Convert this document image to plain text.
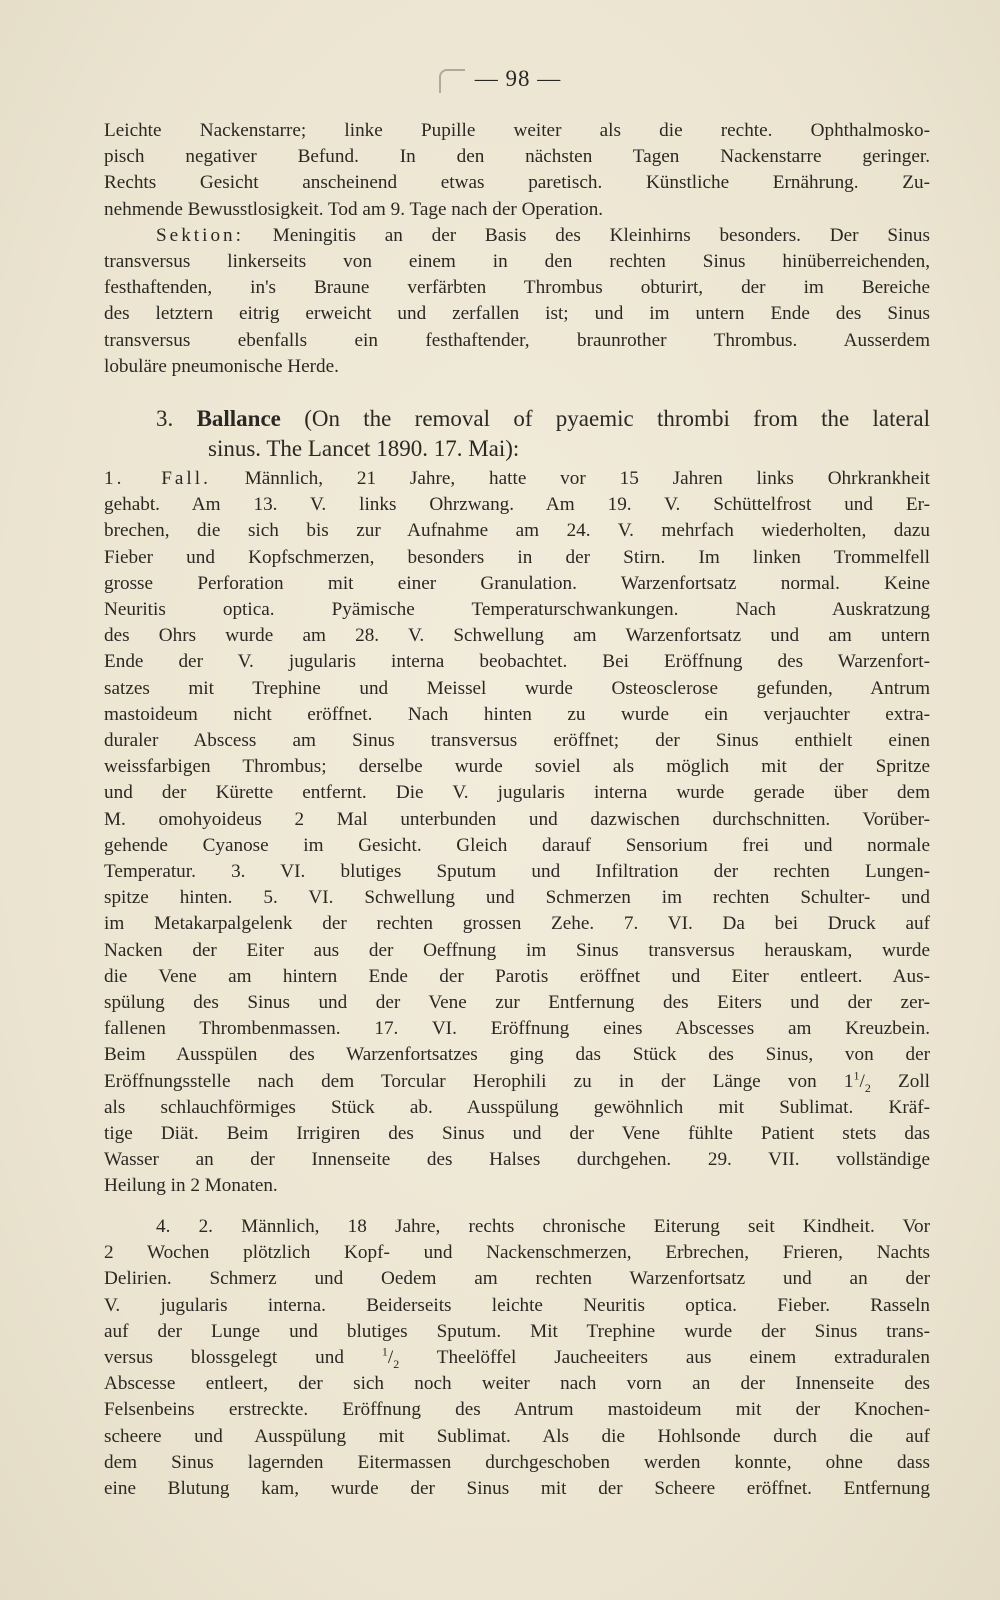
— 98 —
Leichte Nackenstarre; linke Pupille weiter als die rechte. Ophthalmosko-
pisch negativer Befund. In den nächsten Tagen Nackenstarre geringer.
Rechts Gesicht anscheinend etwas paretisch. Künstliche Ernährung. Zu-
nehmende Bewusstlosigkeit. Tod am 9. Tage nach der Operation.
Sektion: Meningitis an der Basis des Kleinhirns besonders. Der Sinus
transversus linkerseits von einem in den rechten Sinus hinüberreichenden,
festhaftenden, in's Braune verfärbten Thrombus obturirt, der im Bereiche
des letztern eitrig erweicht und zerfallen ist; und im untern Ende des Sinus
transversus ebenfalls ein festhaftender, braunrother Thrombus. Ausserdem
lobuläre pneumonische Herde.
3. Ballance (On the removal of pyaemic thrombi from the lateral
sinus. The Lancet 1890. 17. Mai):
1. Fall. Männlich, 21 Jahre, hatte vor 15 Jahren links Ohrkrankheit
gehabt. Am 13. V. links Ohrzwang. Am 19. V. Schüttelfrost und Er-
brechen, die sich bis zur Aufnahme am 24. V. mehrfach wiederholten, dazu
Fieber und Kopfschmerzen, besonders in der Stirn. Im linken Trommelfell
grosse Perforation mit einer Granulation. Warzenfortsatz normal. Keine
Neuritis optica. Pyämische Temperaturschwankungen. Nach Auskratzung
des Ohrs wurde am 28. V. Schwellung am Warzenfortsatz und am untern
Ende der V. jugularis interna beobachtet. Bei Eröffnung des Warzenfort-
satzes mit Trephine und Meissel wurde Osteosclerose gefunden, Antrum
mastoideum nicht eröffnet. Nach hinten zu wurde ein verjauchter extra-
duraler Abscess am Sinus transversus eröffnet; der Sinus enthielt einen
weissfarbigen Thrombus; derselbe wurde soviel als möglich mit der Spritze
und der Kürette entfernt. Die V. jugularis interna wurde gerade über dem
M. omohyoideus 2 Mal unterbunden und dazwischen durchschnitten. Vorüber-
gehende Cyanose im Gesicht. Gleich darauf Sensorium frei und normale
Temperatur. 3. VI. blutiges Sputum und Infiltration der rechten Lungen-
spitze hinten. 5. VI. Schwellung und Schmerzen im rechten Schulter- und
im Metakarpalgelenk der rechten grossen Zehe. 7. VI. Da bei Druck auf
Nacken der Eiter aus der Oeffnung im Sinus transversus herauskam, wurde
die Vene am hintern Ende der Parotis eröffnet und Eiter entleert. Aus-
spülung des Sinus und der Vene zur Entfernung des Eiters und der zer-
fallenen Thrombenmassen. 17. VI. Eröffnung eines Abscesses am Kreuzbein.
Beim Ausspülen des Warzenfortsatzes ging das Stück des Sinus, von der
Eröffnungsstelle nach dem Torcular Herophili zu in der Länge von $1^1/_2$ Zoll
als schlauchförmiges Stück ab. Ausspülung gewöhnlich mit Sublimat. Kräf-
tige Diät. Beim Irrigiren des Sinus und der Vene fühlte Patient stets das
Wasser an der Innenseite des Halses durchgehen. 29. VII. vollständige
Heilung in 2 Monaten.
4. 2. Männlich, 18 Jahre, rechts chronische Eiterung seit Kindheit. Vor
2 Wochen plötzlich Kopf- und Nackenschmerzen, Erbrechen, Frieren, Nachts
Delirien. Schmerz und Oedem am rechten Warzenfortsatz und an der
V. jugularis interna. Beiderseits leichte Neuritis optica. Fieber. Rasseln
auf der Lunge und blutiges Sputum. Mit Trephine wurde der Sinus trans-
versus blossgelegt und $^1/_2$ Theelöffel Jaucheeiters aus einem extraduralen
Abscesse entleert, der sich noch weiter nach vorn an der Innenseite des
Felsenbeins erstreckte. Eröffnung des Antrum mastoideum mit der Knochen-
scheere und Ausspülung mit Sublimat. Als die Hohlsonde durch die auf
dem Sinus lagernden Eitermassen durchgeschoben werden konnte, ohne dass
eine Blutung kam, wurde der Sinus mit der Scheere eröffnet. Entfernung
